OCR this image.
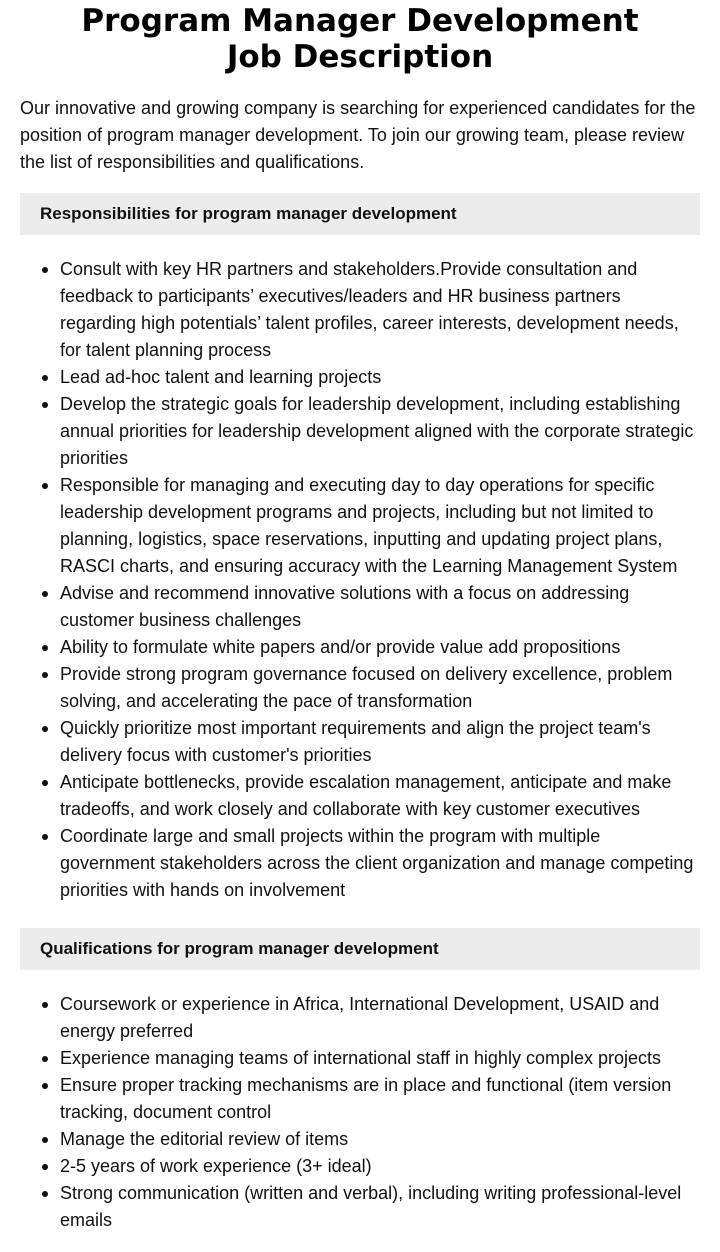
Program Manager Development Job Description

Our innovative and growing company is searching for experienced candidates for the position of program manager development. To join our growing team, please review the list of responsibilities and qualifications.

Responsibilities for program manager development
Consult with key HR partners and stakeholders.Provide consultation and feedback to participants’ executives/leaders and HR business partners regarding high potentials’ talent profiles, career interests, development needs, for talent planning process
Lead ad-hoc talent and learning projects
Develop the strategic goals for leadership development, including establishing annual priorities for leadership development aligned with the corporate strategic priorities
Responsible for managing and executing day to day operations for specific leadership development programs and projects, including but not limited to planning, logistics, space reservations, inputting and updating project plans, RASCI charts, and ensuring accuracy with the Learning Management System
Advise and recommend innovative solutions with a focus on addressing customer business challenges
Ability to formulate white papers and/or provide value add propositions
Provide strong program governance focused on delivery excellence, problem solving, and accelerating the pace of transformation
Quickly prioritize most important requirements and align the project team's delivery focus with customer's priorities
Anticipate bottlenecks, provide escalation management, anticipate and make tradeoffs, and work closely and collaborate with key customer executives
Coordinate large and small projects within the program with multiple government stakeholders across the client organization and manage competing priorities with hands on involvement
Qualifications for program manager development
Coursework or experience in Africa, International Development, USAID and energy preferred
Experience managing teams of international staff in highly complex projects
Ensure proper tracking mechanisms are in place and functional (item version tracking, document control
Manage the editorial review of items
2-5 years of work experience (3+ ideal)
Strong communication (written and verbal), including writing professional-level emails
